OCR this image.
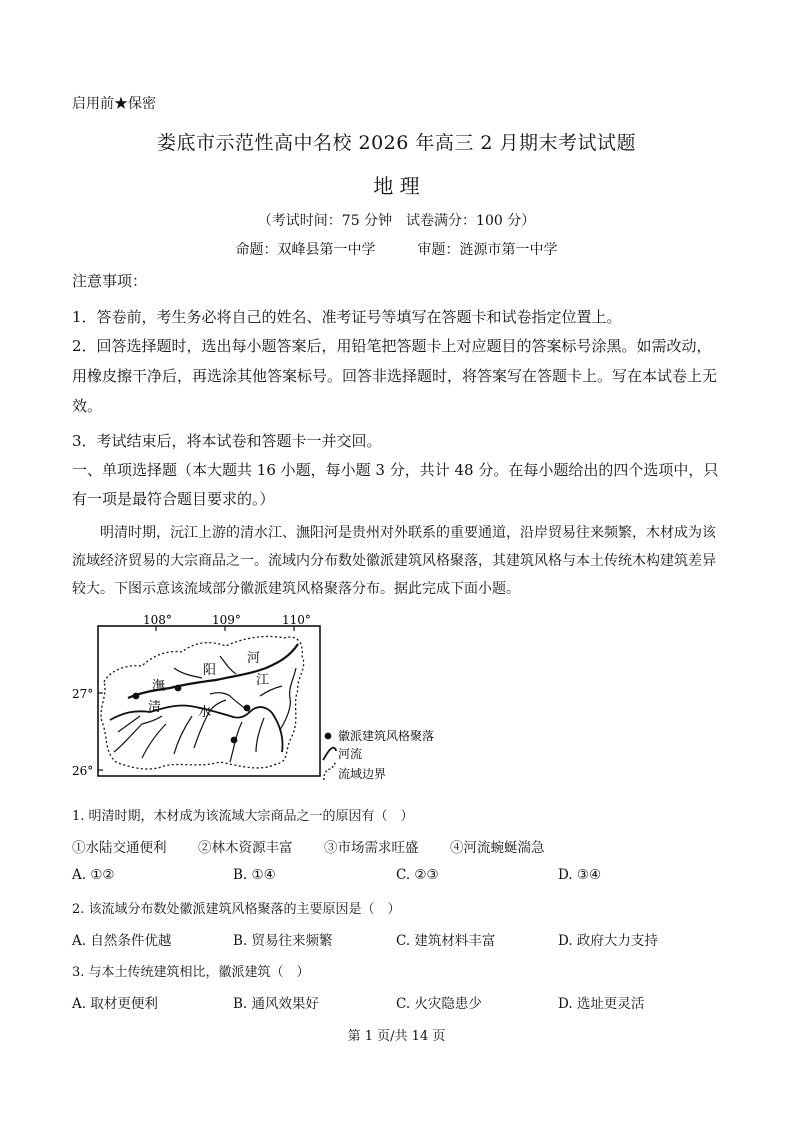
启用前★保密
娄底市示范性高中名校 2026 年高三 2 月期末考试试题
地 理
（考试时间：75 分钟　试卷满分：100 分）
命题：双峰县第一中学　　　审题：涟源市第一中学
注意事项：
1．答卷前，考生务必将自己的姓名、准考证号等填写在答题卡和试卷指定位置上。
2．回答选择题时，选出每小题答案后，用铅笔把答题卡上对应题目的答案标号涂黑。如需改动，用橡皮擦干净后，再选涂其他答案标号。回答非选择题时，将答案写在答题卡上。写在本试卷上无效。
3．考试结束后，将本试卷和答题卡一并交回。
一、单项选择题（本大题共 16 小题，每小题 3 分，共计 48 分。在每小题给出的四个选项中，只有一项是最符合题目要求的。）
明清时期，沅江上游的清水江、潕阳河是贵州对外联系的重要通道，沿岸贸易往来频繁，木材成为该流域经济贸易的大宗商品之一。流域内分布数处徽派建筑风格聚落，其建筑风格与本土传统木构建筑差异较大。下图示意该流域部分徽派建筑风格聚落分布。据此完成下面小题。
108°	109°	110°
27°
26°
阳
河
潕	江
清	水
徽派建筑风格聚落
河流
流域边界
1. 明清时期，木材成为该流域大宗商品之一的原因有（　）
①水陆交通便利 ②林木资源丰富 ③市场需求旺盛 ④河流蜿蜒湍急
A. ①②	B. ①④	C. ②③	D. ③④
2. 该流域分布数处徽派建筑风格聚落的主要原因是（　）
A. 自然条件优越	B. 贸易往来频繁	C. 建筑材料丰富	D. 政府大力支持
3. 与本土传统建筑相比，徽派建筑（　）
A. 取材更便利	B. 通风效果好	C. 火灾隐患少	D. 选址更灵活
第 1 页/共 14 页
